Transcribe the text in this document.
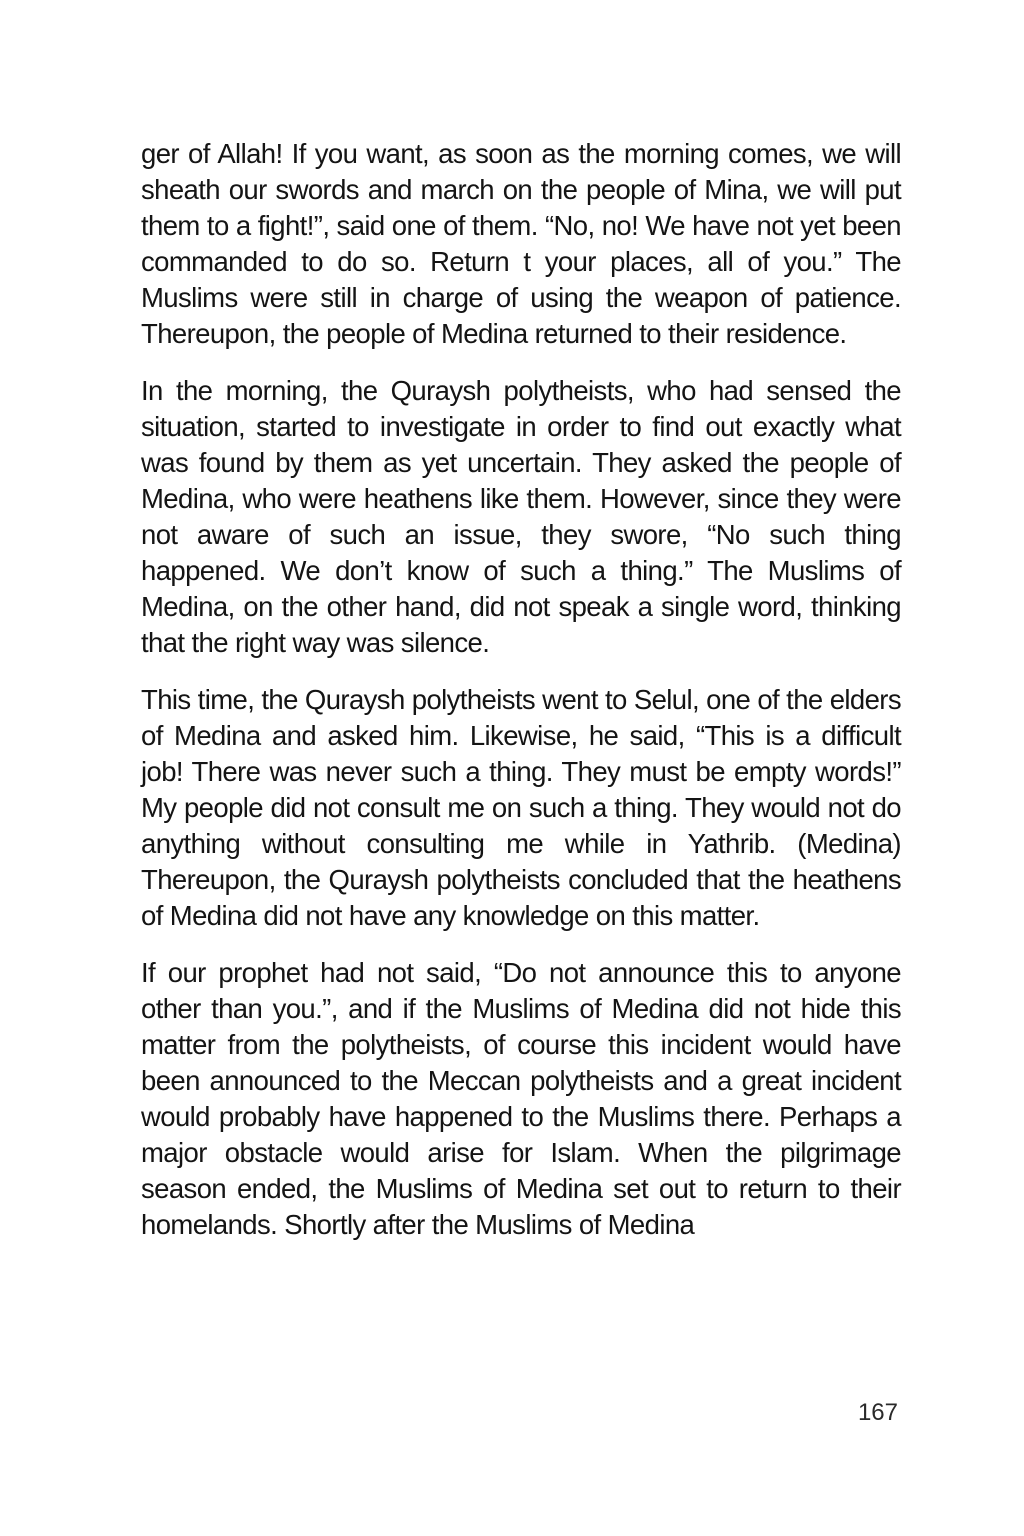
ger of Allah! If you want, as soon as the morning comes, we will sheath our swords and march on the people of Mina, we will put them to a fight!”, said one of them. “No, no! We have not yet been commanded to do so. Return t your places, all of you.” The Muslims were still in charge of using the weapon of patience. Thereupon, the people of Medina returned to their residence.

In the morning, the Quraysh polytheists, who had sensed the situation, started to investigate in order to find out exactly what was found by them as yet uncertain. They asked the people of Medina, who were heathens like them. However, since they were not aware of such an issue, they swore, “No such thing happened. We don’t know of such a thing.” The Muslims of Medina, on the other hand, did not speak a single word, thinking that the right way was silence.

This time, the Quraysh polytheists went to Selul, one of the elders of Medina and asked him. Likewise, he said, “This is a difficult job! There was never such a thing. They must be empty words!” My people did not consult me on such a thing. They would not do anything without consulting me while in Yathrib. (Medina) Thereupon, the Quraysh polytheists concluded that the heathens of Medina did not have any knowledge on this matter.

If our prophet had not said, “Do not announce this to anyone other than you.”, and if the Muslims of Medina did not hide this matter from the polytheists, of course this incident would have been announced to the Meccan polytheists and a great incident would probably have happened to the Muslims there. Perhaps a major obstacle would arise for Islam. When the pilgrimage season ended, the Muslims of Medina set out to return to their homelands. Shortly after the Muslims of Medina

167
